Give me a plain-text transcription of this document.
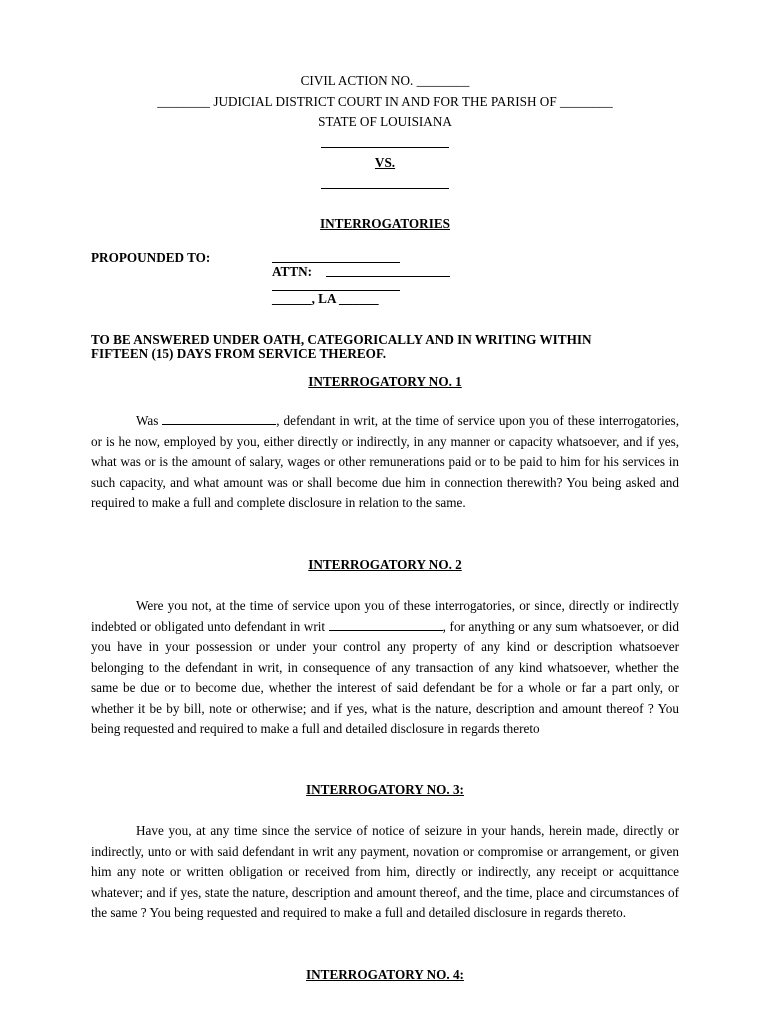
CIVIL ACTION NO. ________
________ JUDICIAL DISTRICT COURT IN AND FOR THE PARISH OF ________
STATE OF LOUISIANA
VS.
INTERROGATORIES
PROPOUNDED TO:
ATTN:
______, LA ______
TO BE ANSWERED UNDER OATH, CATEGORICALLY AND IN WRITING WITHIN
FIFTEEN (15) DAYS FROM SERVICE THEREOF.
INTERROGATORY NO. 1

Was	, defendant in writ, at the time of service upon you of these interrogatories, or is he now, employed by you, either directly or indirectly, in any manner or capacity whatsoever, and if yes, what was or is the amount of salary, wages or other remunerations paid or to be paid to him for his services in such capacity, and what amount was or shall become due him in connection therewith? You being asked and required to make a full and complete disclosure in relation to the same.

INTERROGATORY NO. 2

Were you not, at the time of service upon you of these interrogatories, or since, directly or indirectly indebted or obligated unto defendant in writ	, for anything or any sum whatsoever, or did you have in your possession or under your control any property of any kind or description whatsoever belonging to the defendant in writ, in consequence of any transaction of any kind whatsoever, whether the same be due or to become due, whether the interest of said defendant be for a whole or far a part only, or whether it be by bill, note or otherwise; and if yes, what is the nature, description and amount thereof ? You being requested and required to make a full and detailed disclosure in regards thereto

INTERROGATORY NO. 3:

Have you, at any time since the service of notice of seizure in your hands, herein made, directly or indirectly, unto or with said defendant in writ any payment, novation or compromise or arrangement, or given him any note or written obligation or received from him, directly or indirectly, any receipt or acquittance whatever; and if yes, state the nature, description and amount thereof, and the time, place and circumstances of the same ? You being requested and required to make a full and detailed disclosure in regards thereto.

INTERROGATORY NO. 4:
